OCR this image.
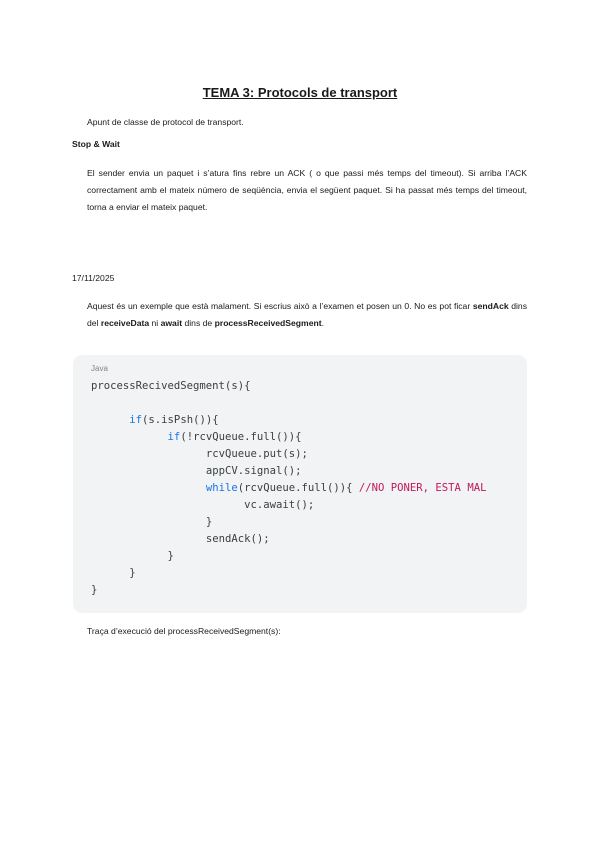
TEMA 3: Protocols de transport
Apunt de classe de protocol de transport.
Stop & Wait
El sender envia un paquet i s’atura fins rebre un ACK ( o que passi més temps del timeout). Si arriba l’ACK correctament amb el mateix número de seqüència, envia el següent paquet. Si ha passat més temps del timeout, torna a enviar el mateix paquet.
17/11/2025
Aquest és un exemple que està malament. Si escrius això a l’examen et posen un 0. No es pot ficar sendAck dins del receiveData ni await dins de processReceivedSegment.
Java
processRecivedSegment(s){

if(s.isPsh()){
if(!rcvQueue.full()){
rcvQueue.put(s);
appCV.signal();
while(rcvQueue.full()){ //NO PONER, ESTA MAL
vc.await();
}
sendAck();
}
}
}
Traça d’execució del processReceivedSegment(s):
